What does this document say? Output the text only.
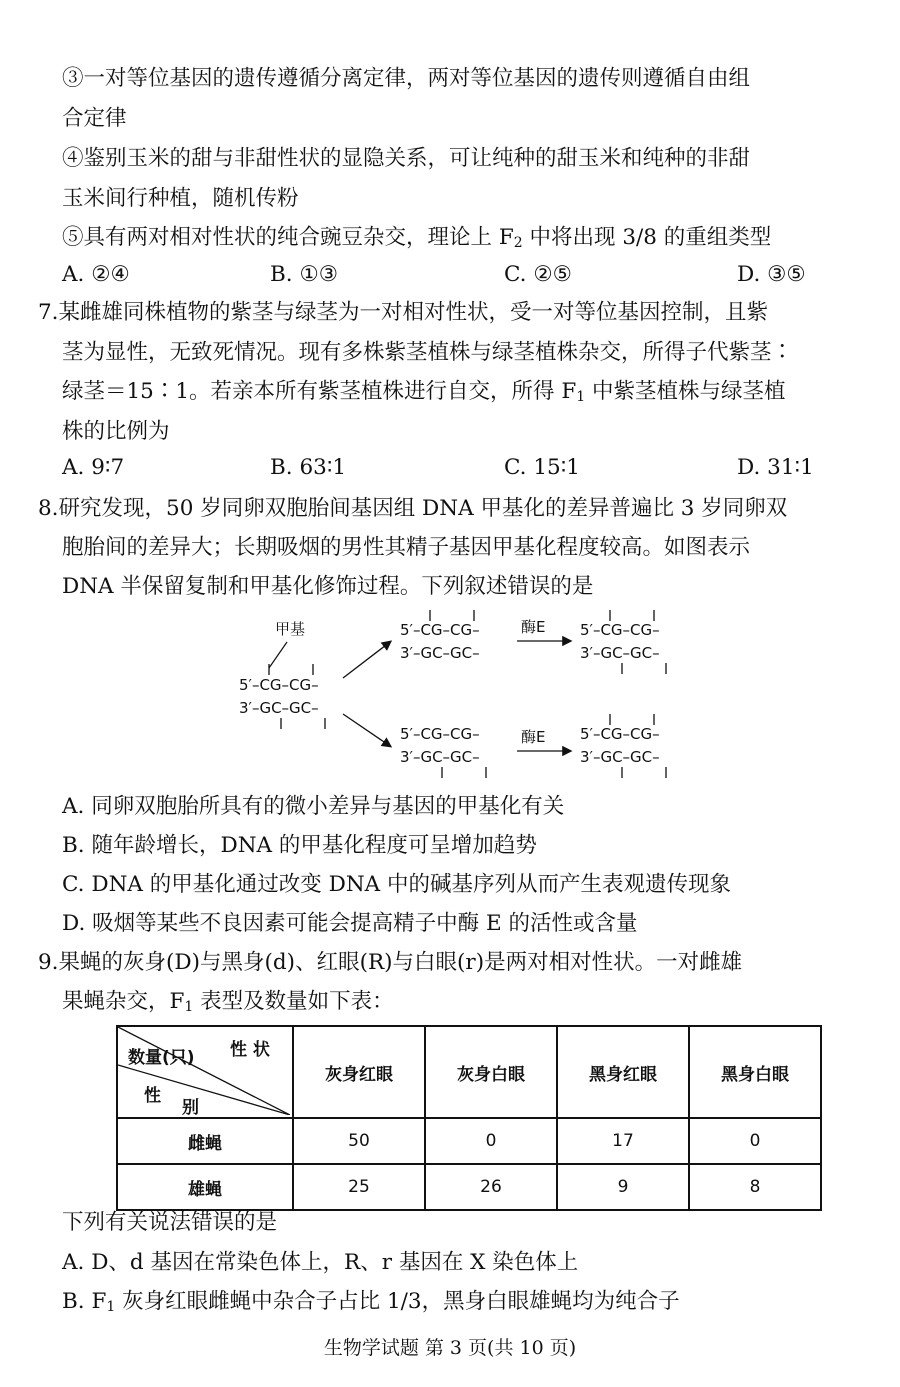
③一对等位基因的遗传遵循分离定律，两对等位基因的遗传则遵循自由组
合定律
④鉴别玉米的甜与非甜性状的显隐关系，可让纯种的甜玉米和纯种的非甜
玉米间行种植，随机传粉
⑤具有两对相对性状的纯合豌豆杂交，理论上 $F_2$ 中将出现 3/8 的重组类型
A. ②④	B. ①③	C. ②⑤	D. ③⑤
7.某雌雄同株植物的紫茎与绿茎为一对相对性状，受一对等位基因控制，且紫
茎为显性，无致死情况。现有多株紫茎植株与绿茎植株杂交，所得子代紫茎∶
绿茎＝15∶1。若亲本所有紫茎植株进行自交，所得 $F_1$ 中紫茎植株与绿茎植
株的比例为
A. 9∶7	B. 63∶1	C. 15∶1	D. 31∶1
8.研究发现，50 岁同卵双胞胎间基因组 DNA 甲基化的差异普遍比 3 岁同卵双
胞胎间的差异大；长期吸烟的男性其精子基因甲基化程度较高。如图表示
DNA 半保留复制和甲基化修饰过程。下列叙述错误的是
甲基
5′–CG–CG–
3′–GC–GC–
5′–CG–CG–
3′–GC–GC–
酶E 5′–CG–CG–
3′–GC–GC–
5′–CG–CG–
3′–GC–GC–
酶E 5′–CG–CG–
3′–GC–GC–
A. 同卵双胞胎所具有的微小差异与基因的甲基化有关
B. 随年龄增长，DNA 的甲基化程度可呈增加趋势
C. DNA 的甲基化通过改变 DNA 中的碱基序列从而产生表观遗传现象
D. 吸烟等某些不良因素可能会提高精子中酶 E 的活性或含量
9.果蝇的灰身(D)与黑身(d)、红眼(R)与白眼(r)是两对相对性状。一对雌雄
果蝇杂交，$F_1$ 表型及数量如下表：
性 状
数量(只)
性
别	灰身红眼	灰身白眼	黑身红眼	黑身白眼
雌蝇	50	0	17	0
雄蝇	25	26	9	8
下列有关说法错误的是
A. D、d 基因在常染色体上，R、r 基因在 X 染色体上
B. $F_1$ 灰身红眼雌蝇中杂合子占比 1/3，黑身白眼雄蝇均为纯合子
生物学试题 第 3 页(共 10 页)
